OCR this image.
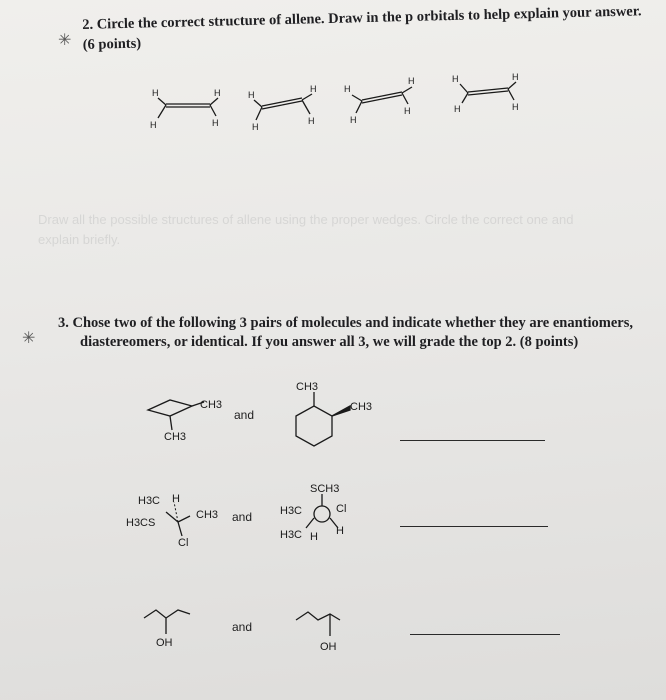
✳
2. Circle the correct structure of allene. Draw in the p orbitals to help explain your answer. (6 points)
H
H
H
H
H
H
H
H
H
H
H
H
H
H
H
H
Draw all the possible structures of allene using the proper wedges. Circle the correct one and explain briefly.
✳
3. Chose two of the following 3 pairs of molecules and indicate whether they are enantiomers,
diastereomers, or identical. If you answer all 3, we will grade the top 2. (8 points)
CH3
CH3
and
CH3
CH3
H3C H
H3CS
CH3
Cl
and
SCH3
H3C	Cl
H3C H H
OH
and
OH
